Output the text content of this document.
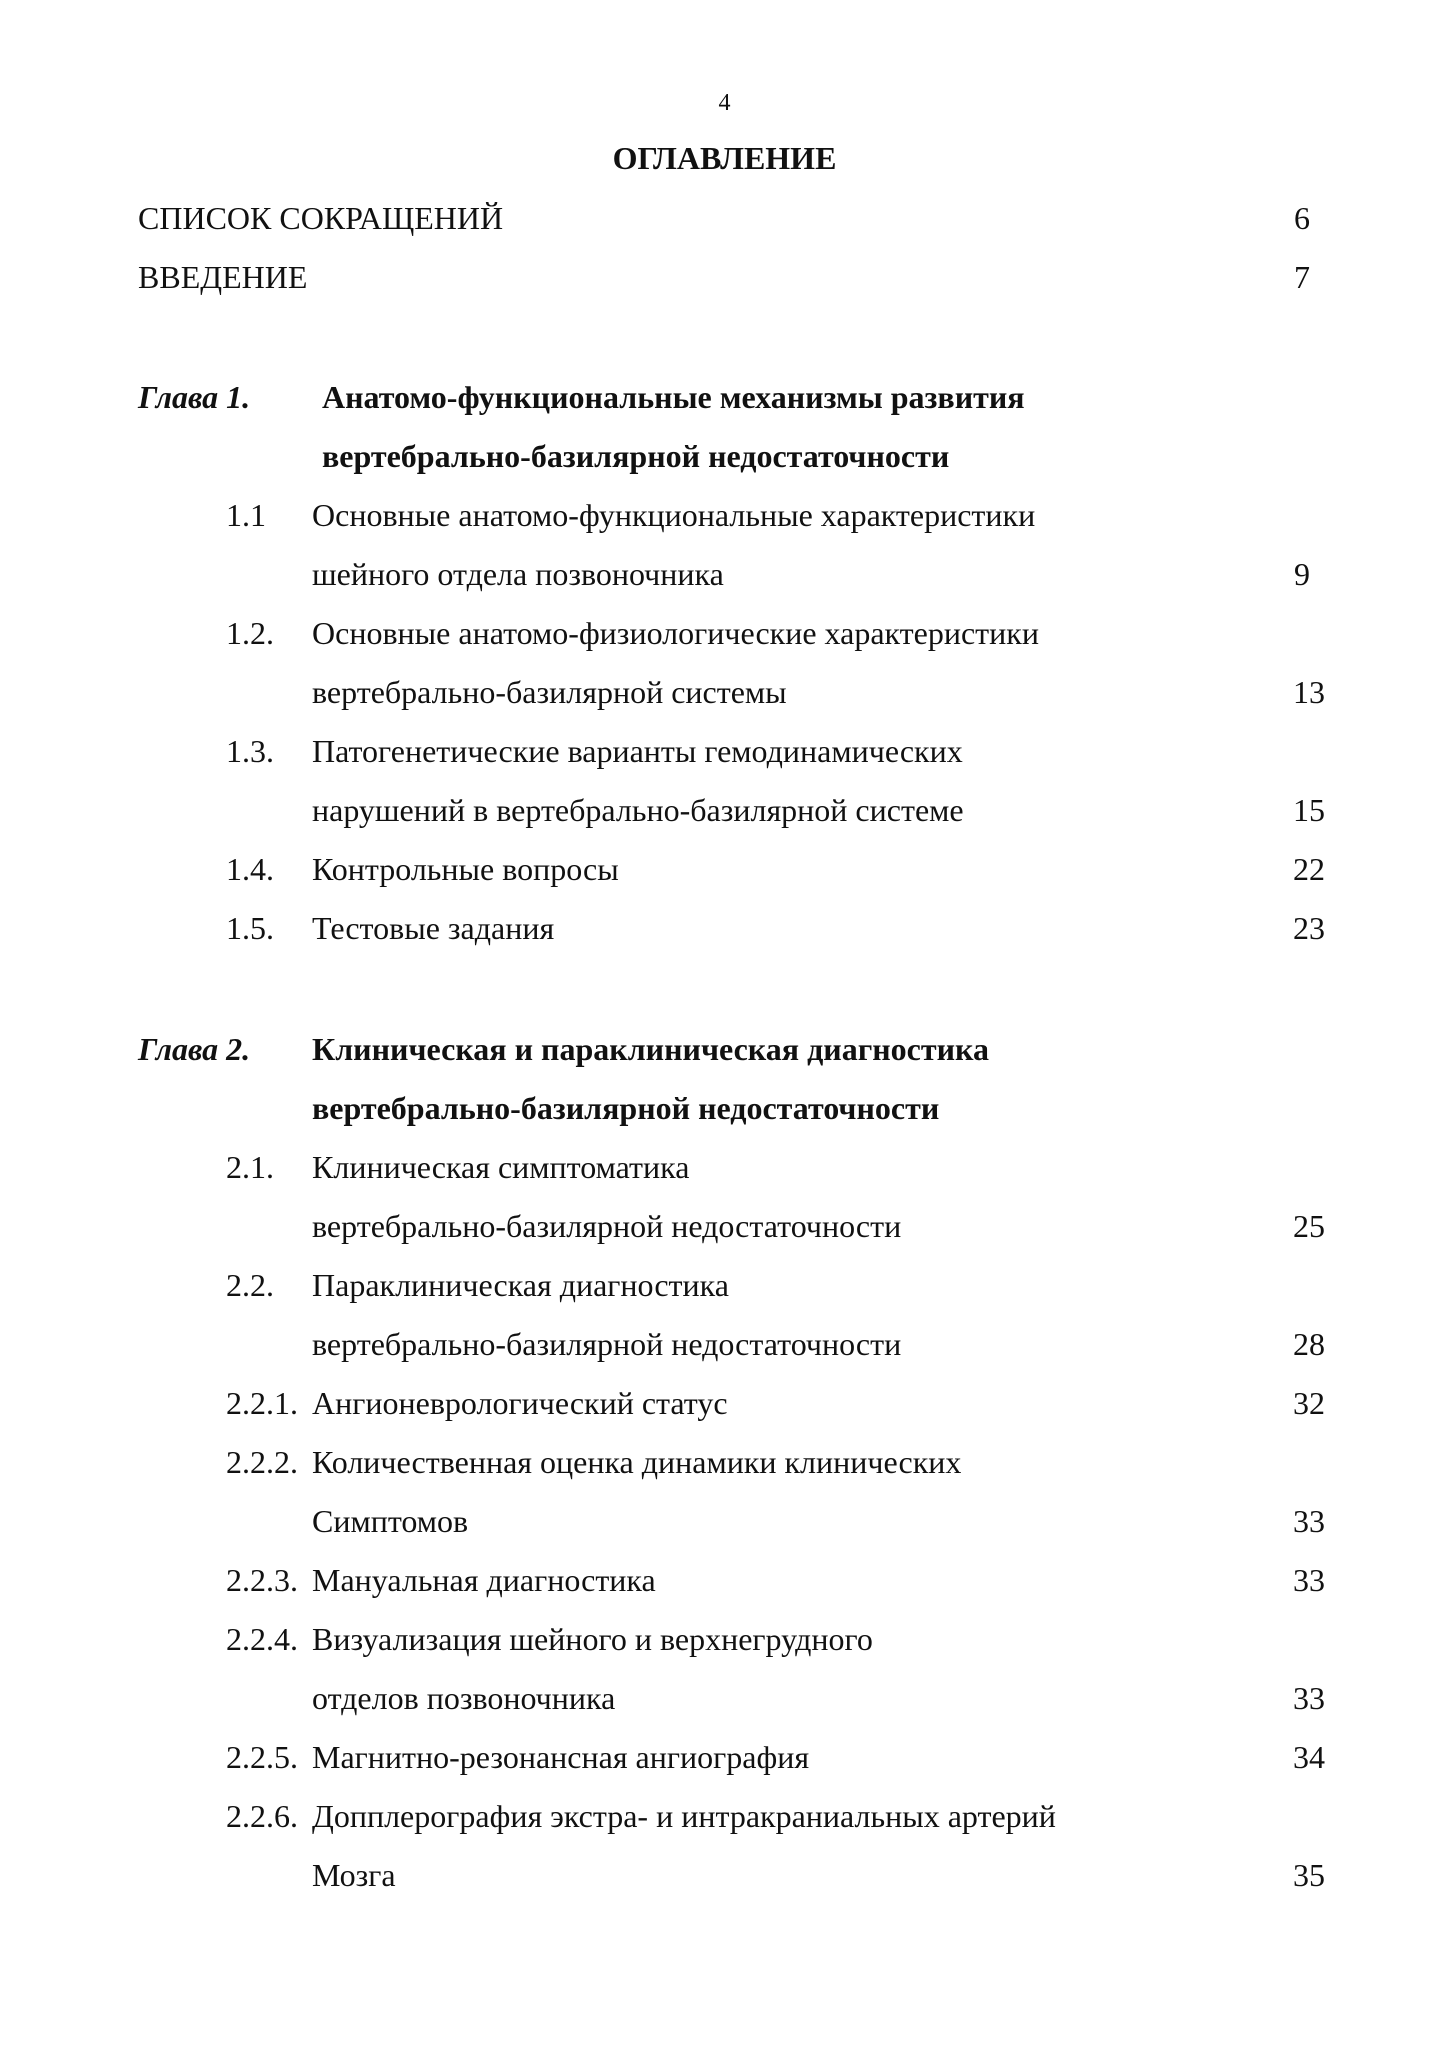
4
ОГЛАВЛЕНИЕ
СПИСОК СОКРАЩЕНИЙ	6
ВВЕДЕНИЕ	7
Глава 1. Анатомо-функциональные механизмы развития
вертебрально-базилярной недостаточности
1.1 Основные анатомо-функциональные характеристики
шейного отдела позвоночника	9
1.2. Основные анатомо-физиологические характеристики
вертебрально-базилярной системы	13
1.3. Патогенетические варианты гемодинамических
нарушений в вертебрально-базилярной системе	15
1.4. Контрольные вопросы	22
1.5. Тестовые задания	23
Глава 2. Клиническая и параклиническая диагностика
вертебрально-базилярной недостаточности
2.1. Клиническая симптоматика
вертебрально-базилярной недостаточности	25
2.2. Параклиническая диагностика
вертебрально-базилярной недостаточности	28
2.2.1. Ангионеврологический статус	32
2.2.2. Количественная оценка динамики клинических
Симптомов	33
2.2.3. Мануальная диагностика	33
2.2.4. Визуализация шейного и верхнегрудного
отделов позвоночника	33
2.2.5. Магнитно-резонансная ангиография	34
2.2.6. Допплерография экстра- и интракраниальных артерий
Мозга	35
